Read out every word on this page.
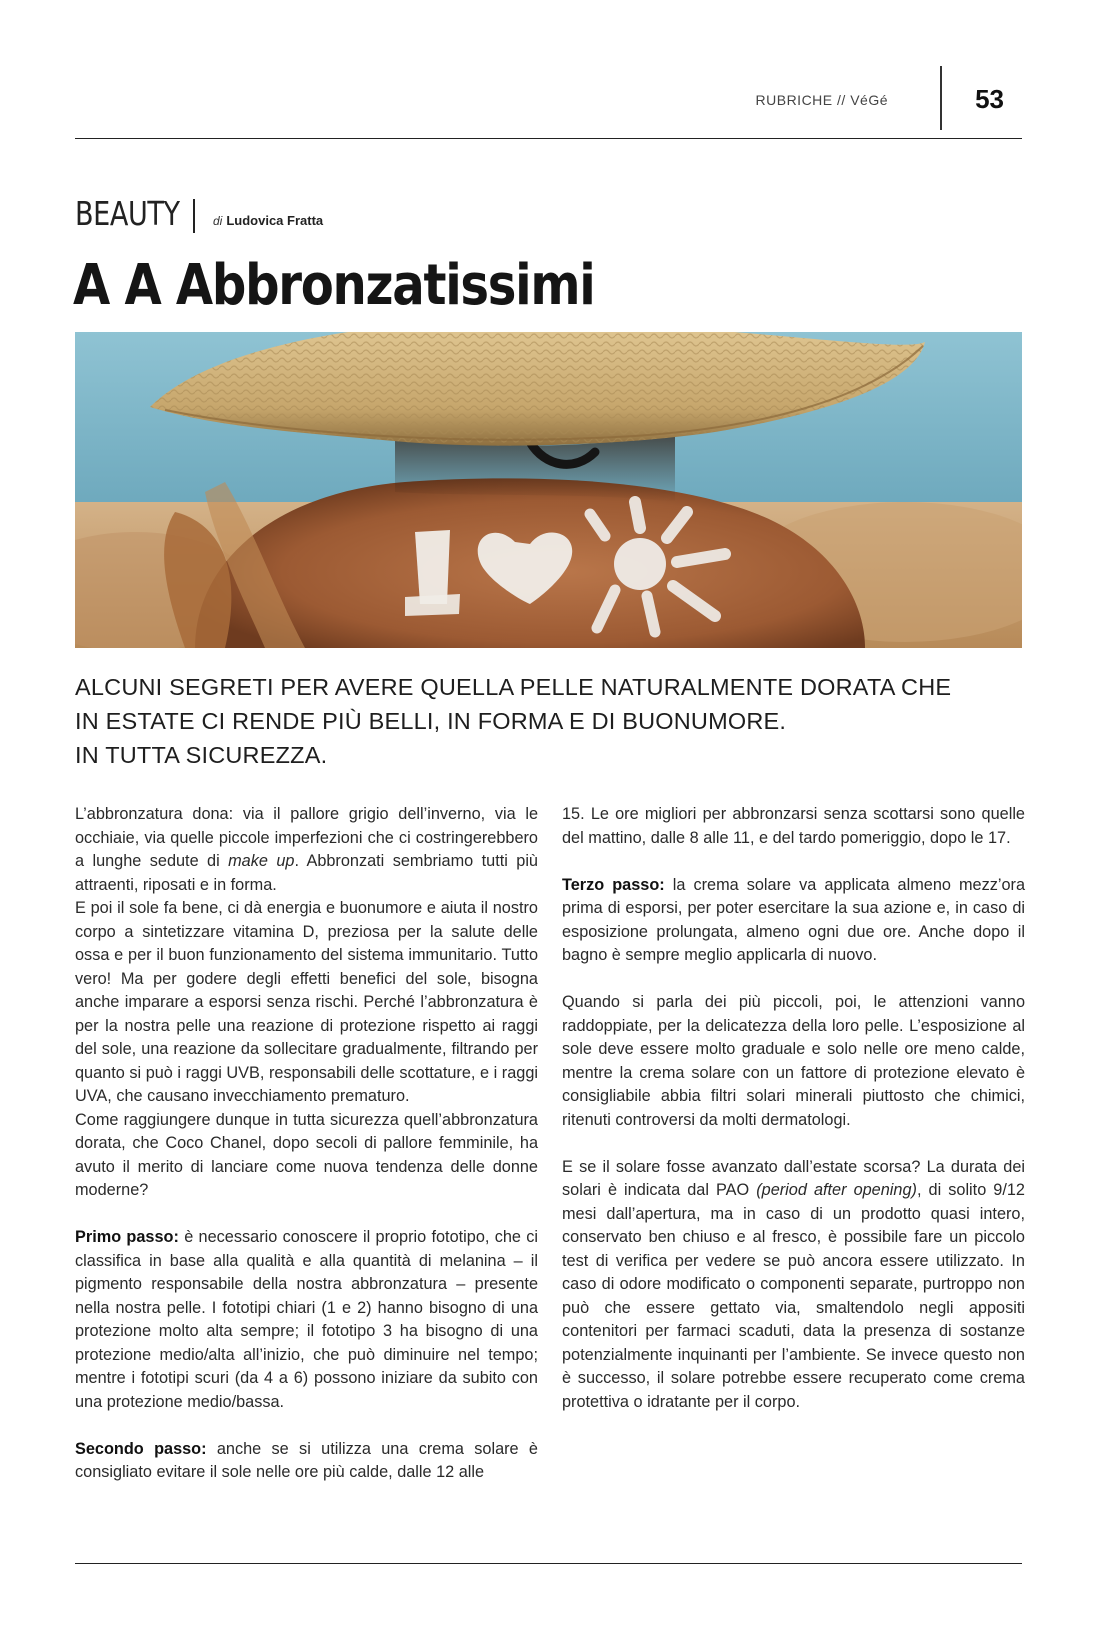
RUBRICHE // VéGé	53
BEAUTY	di Ludovica Fratta
A A Abbronzatissimi

ALCUNI SEGRETI PER AVERE QUELLA PELLE NATURALMENTE DORATA CHE
IN ESTATE CI RENDE PIÙ BELLI, IN FORMA E DI BUONUMORE.
IN TUTTA SICUREZZA.

L’abbronzatura dona: via il pallore grigio dell’inverno, via le occhiaie, via quelle piccole imperfezioni che ci costringerebbero a lunghe sedute di make up. Abbronzati sembriamo tutti più attraenti, riposati e in forma.

E poi il sole fa bene, ci dà energia e buonumore e aiuta il nostro corpo a sintetizzare vitamina D, preziosa per la salute delle ossa e per il buon funzionamento del sistema immunitario. Tutto vero! Ma per godere degli effetti benefici del sole, bisogna anche imparare a esporsi senza rischi. Perché l’abbronzatura è per la nostra pelle una reazione di protezione rispetto ai raggi del sole, una reazione da sollecitare gradualmente, filtrando per quanto si può i raggi UVB, responsabili delle scottature, e i raggi UVA, che causano invecchiamento prematuro.

Come raggiungere dunque in tutta sicurezza quell’abbronzatura dorata, che Coco Chanel, dopo secoli di pallore femminile, ha avuto il merito di lanciare come nuova tendenza delle donne moderne?

Primo passo: è necessario conoscere il proprio fototipo, che ci classifica in base alla qualità e alla quantità di melanina – il pigmento responsabile della nostra abbronzatura – presente nella nostra pelle. I fototipi chiari (1 e 2) hanno bisogno di una protezione molto alta sempre; il fototipo 3 ha bisogno di una protezione medio/alta all’inizio, che può diminuire nel tempo; mentre i fototipi scuri (da 4 a 6) possono iniziare da subito con una protezione medio/bassa.

Secondo passo: anche se si utilizza una crema solare è consigliato evitare il sole nelle ore più calde, dalle 12 alle

15. Le ore migliori per abbronzarsi senza scottarsi sono quelle del mattino, dalle 8 alle 11, e del tardo pomeriggio, dopo le 17.

Terzo passo: la crema solare va applicata almeno mezz’ora prima di esporsi, per poter esercitare la sua azione e, in caso di esposizione prolungata, almeno ogni due ore. Anche dopo il bagno è sempre meglio applicarla di nuovo.

Quando si parla dei più piccoli, poi, le attenzioni vanno raddoppiate, per la delicatezza della loro pelle. L’esposizione al sole deve essere molto graduale e solo nelle ore meno calde, mentre la crema solare con un fattore di protezione elevato è consigliabile abbia filtri solari minerali piuttosto che chimici, ritenuti controversi da molti dermatologi.

E se il solare fosse avanzato dall’estate scorsa? La durata dei solari è indicata dal PAO (period after opening), di solito 9/12 mesi dall’apertura, ma in caso di un prodotto quasi intero, conservato ben chiuso e al fresco, è possibile fare un piccolo test di verifica per vedere se può ancora essere utilizzato. In caso di odore modificato o componenti separate, purtroppo non può che essere gettato via, smaltendolo negli appositi contenitori per farmaci scaduti, data la presenza di sostanze potenzialmente inquinanti per l’ambiente. Se invece questo non è successo, il solare potrebbe essere recuperato come crema protettiva o idratante per il corpo.
